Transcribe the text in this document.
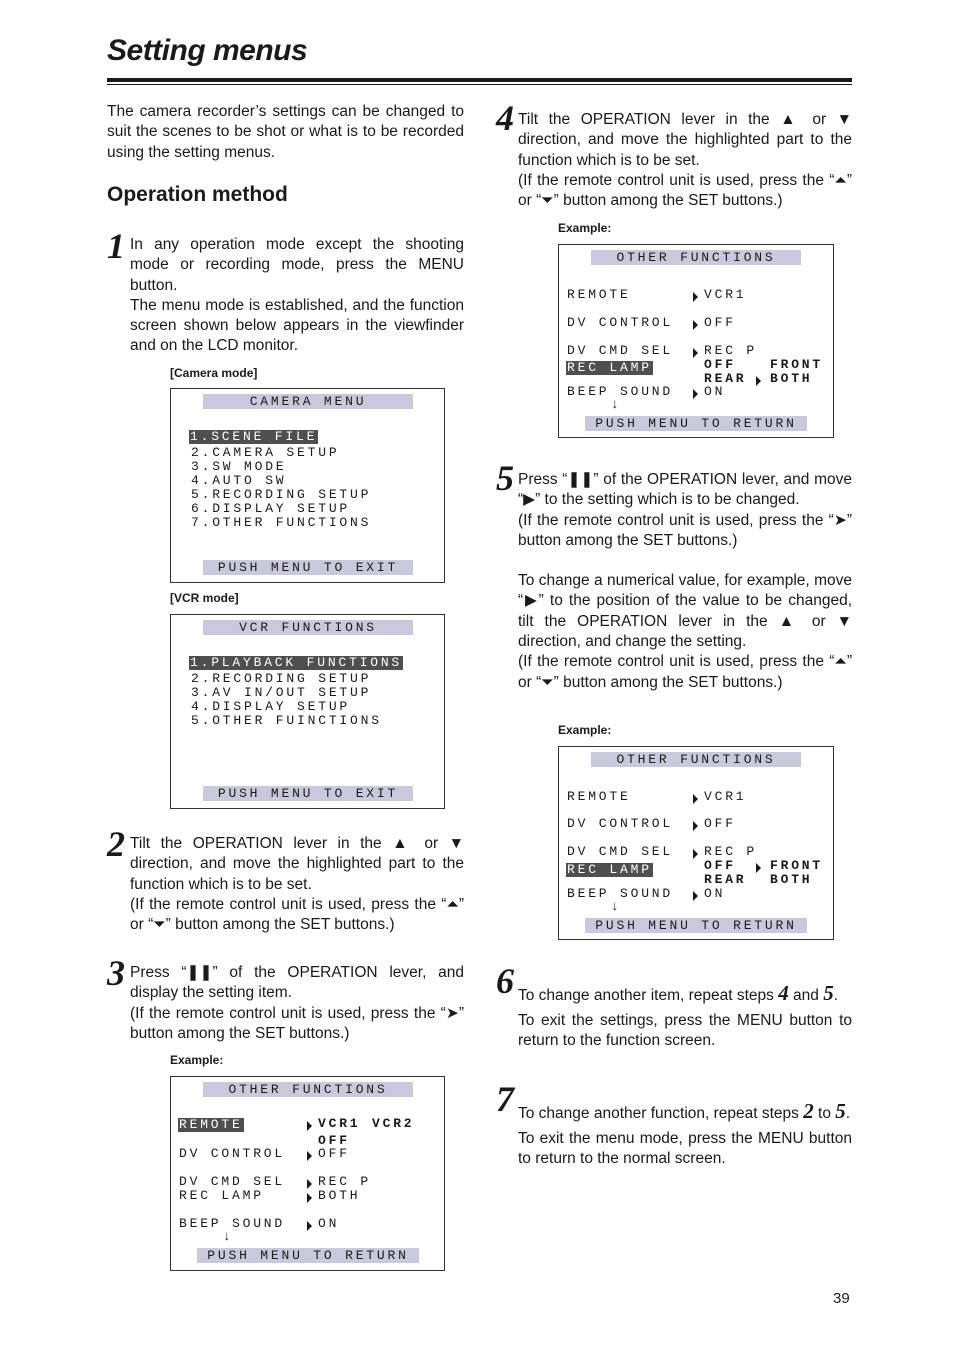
Setting menus
The camera recorder’s settings can be changed to suit the scenes to be shot or what is to be recorded using the setting menus.
Operation method
1 In any operation mode except the shooting mode or recording mode, press the MENU button.
The menu mode is established, and the function screen shown below appears in the viewfinder and on the LCD monitor.
[Camera mode]
CAMERA MENU
1.SCENE FILE
2.CAMERA SETUP
3.SW MODE
4.AUTO SW
5.RECORDING SETUP
6.DISPLAY SETUP
7.OTHER FUNCTIONS
PUSH MENU TO EXIT
[VCR mode]
VCR FUNCTIONS
1.PLAYBACK FUNCTIONS
2.RECORDING SETUP
3.AV IN/OUT SETUP
4.DISPLAY SETUP
5.OTHER FUINCTIONS
PUSH MENU TO EXIT
2 Tilt the OPERATION lever in the ▲ or ▼ direction, and move the highlighted part to the function which is to be set.
(If the remote control unit is used, press the “⏶” or “⏷” button among the SET buttons.)
3 Press “❚❚” of the OPERATION lever, and display the setting item.
(If the remote control unit is used, press the “➤” button among the SET buttons.)
Example:
OTHER FUNCTIONS
REMOTE	VCR1 VCR2
OFF
DV CONTROL	OFF
DV CMD SEL	REC P
REC LAMP	BOTH
BEEP SOUND	ON
↓
PUSH MENU TO RETURN
4 Tilt the OPERATION lever in the ▲ or ▼ direction, and move the highlighted part to the function which is to be set.
(If the remote control unit is used, press the “⏶” or “⏷” button among the SET buttons.)
Example:
OTHER FUNCTIONS
REMOTE	VCR1
DV CONTROL OFF
DV CMD SEL REC P
REC LAMP	OFF	FRONT
REAR BOTH
BEEP SOUND ON
↓
PUSH MENU TO RETURN
5 Press “❚❚” of the OPERATION lever, and move “▶” to the setting which is to be changed.
(If the remote control unit is used, press the “➤” button among the SET buttons.)
To change a numerical value, for example, move “▶” to the position of the value to be changed, tilt the OPERATION lever in the ▲ or ▼ direction, and change the setting.
(If the remote control unit is used, press the “⏶” or “⏷” button among the SET buttons.)
Example:
OTHER FUNCTIONS
REMOTE	VCR1
DV CONTROL OFF
DV CMD SEL REC P
REC LAMP	OFF	FRONT
REAR BOTH
BEEP SOUND ON
↓
PUSH MENU TO RETURN
6 To change another item, repeat steps 4 and 5.
To exit the settings, press the MENU button to return to the function screen.
7 To change another function, repeat steps 2 to 5.
To exit the menu mode, press the MENU button to return to the normal screen.
39
